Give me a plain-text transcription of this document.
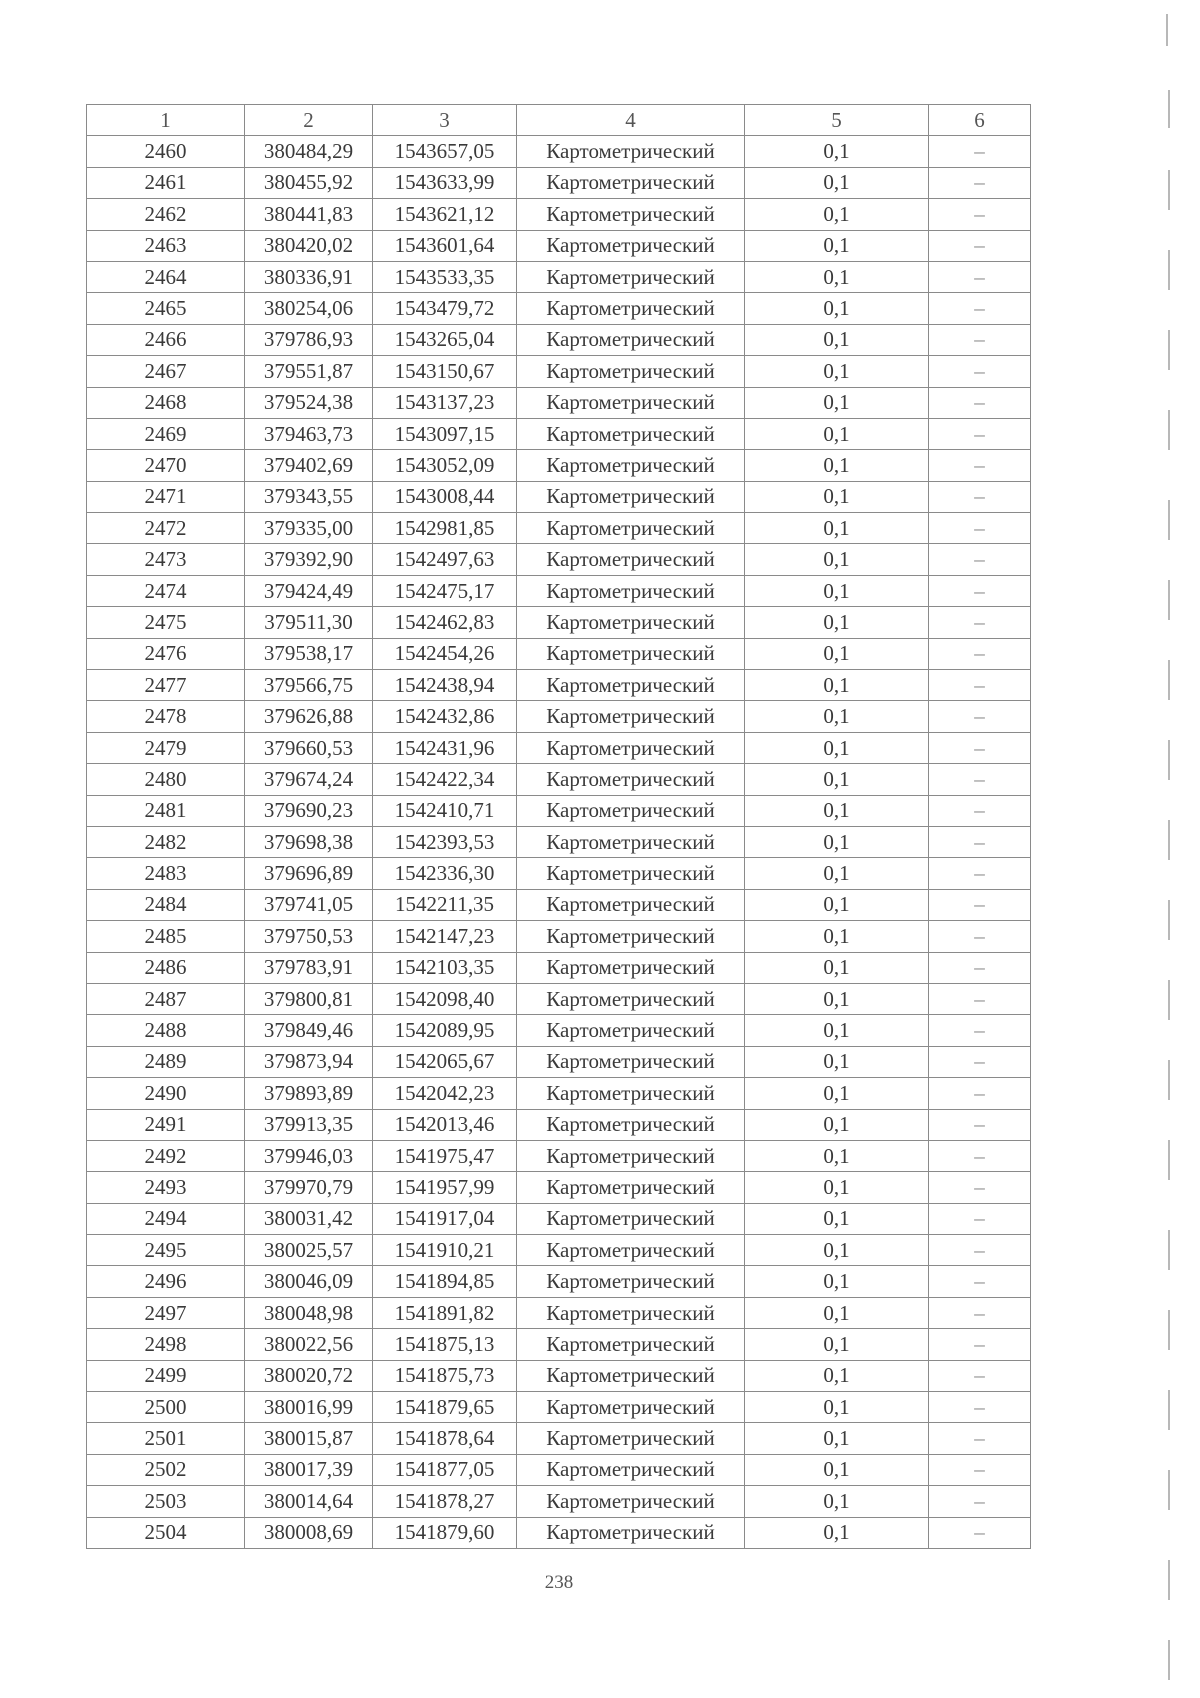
1	2	3	4	5	6
2460	380484,29	1543657,05	Картометрический	0,1	–
2461	380455,92	1543633,99	Картометрический	0,1	–
2462	380441,83	1543621,12	Картометрический	0,1	–
2463	380420,02	1543601,64	Картометрический	0,1	–
2464	380336,91	1543533,35	Картометрический	0,1	–
2465	380254,06	1543479,72	Картометрический	0,1	–
2466	379786,93	1543265,04	Картометрический	0,1	–
2467	379551,87	1543150,67	Картометрический	0,1	–
2468	379524,38	1543137,23	Картометрический	0,1	–
2469	379463,73	1543097,15	Картометрический	0,1	–
2470	379402,69	1543052,09	Картометрический	0,1	–
2471	379343,55	1543008,44	Картометрический	0,1	–
2472	379335,00	1542981,85	Картометрический	0,1	–
2473	379392,90	1542497,63	Картометрический	0,1	–
2474	379424,49	1542475,17	Картометрический	0,1	–
2475	379511,30	1542462,83	Картометрический	0,1	–
2476	379538,17	1542454,26	Картометрический	0,1	–
2477	379566,75	1542438,94	Картометрический	0,1	–
2478	379626,88	1542432,86	Картометрический	0,1	–
2479	379660,53	1542431,96	Картометрический	0,1	–
2480	379674,24	1542422,34	Картометрический	0,1	–
2481	379690,23	1542410,71	Картометрический	0,1	–
2482	379698,38	1542393,53	Картометрический	0,1	–
2483	379696,89	1542336,30	Картометрический	0,1	–
2484	379741,05	1542211,35	Картометрический	0,1	–
2485	379750,53	1542147,23	Картометрический	0,1	–
2486	379783,91	1542103,35	Картометрический	0,1	–
2487	379800,81	1542098,40	Картометрический	0,1	–
2488	379849,46	1542089,95	Картометрический	0,1	–
2489	379873,94	1542065,67	Картометрический	0,1	–
2490	379893,89	1542042,23	Картометрический	0,1	–
2491	379913,35	1542013,46	Картометрический	0,1	–
2492	379946,03	1541975,47	Картометрический	0,1	–
2493	379970,79	1541957,99	Картометрический	0,1	–
2494	380031,42	1541917,04	Картометрический	0,1	–
2495	380025,57	1541910,21	Картометрический	0,1	–
2496	380046,09	1541894,85	Картометрический	0,1	–
2497	380048,98	1541891,82	Картометрический	0,1	–
2498	380022,56	1541875,13	Картометрический	0,1	–
2499	380020,72	1541875,73	Картометрический	0,1	–
2500	380016,99	1541879,65	Картометрический	0,1	–
2501	380015,87	1541878,64	Картометрический	0,1	–
2502	380017,39	1541877,05	Картометрический	0,1	–
2503	380014,64	1541878,27	Картометрический	0,1	–
2504	380008,69	1541879,60	Картометрический	0,1	–
238
